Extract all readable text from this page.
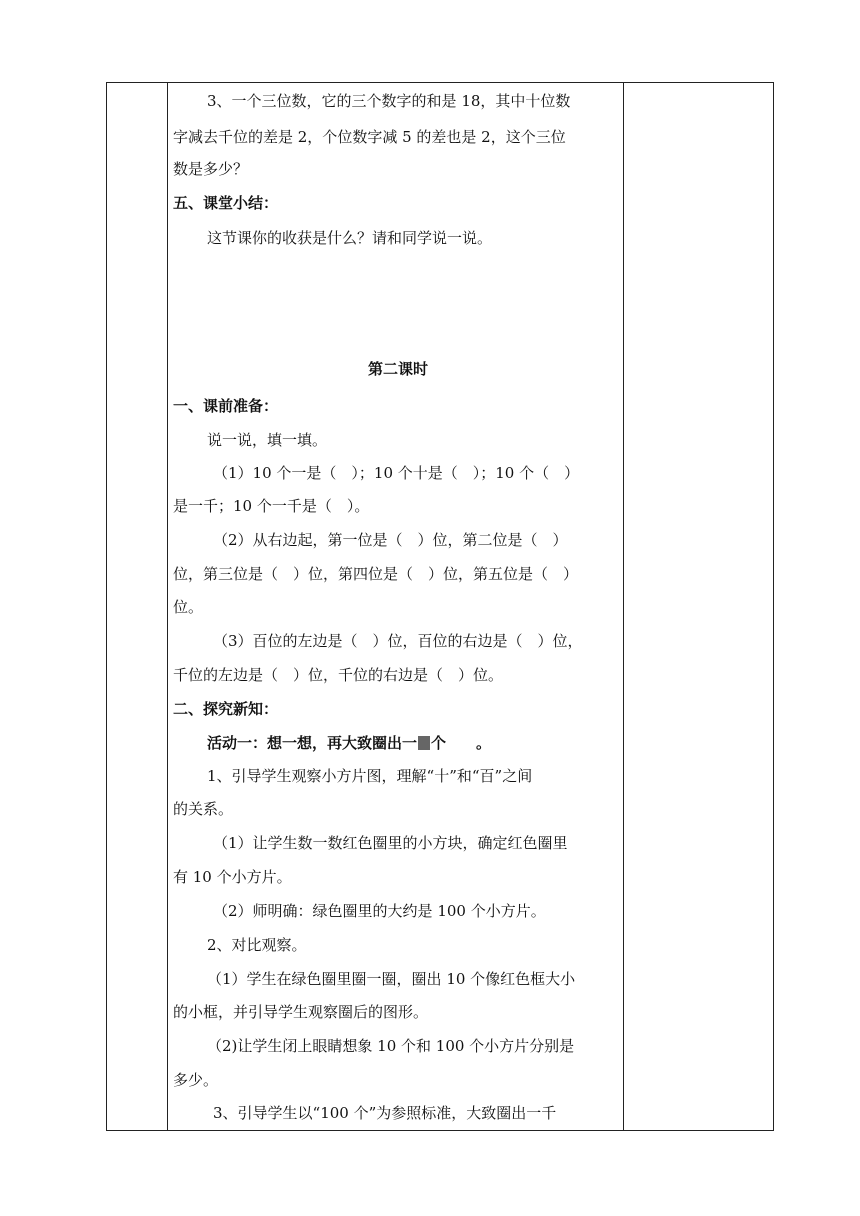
3、一个三位数，它的三个数字的和是 18，其中十位数
字减去千位的差是 2，个位数字减 5 的差也是 2，这个三位
数是多少？
五、课堂小结：
这节课你的收获是什么？请和同学说一说。
第二课时
一、课前准备：
说一说，填一填。
（1）10 个一是（　）；10 个十是（　）；10 个（　）
是一千；10 个一千是（　）。
（2）从右边起，第一位是（　）位，第二位是（　）
位，第三位是（　）位，第四位是（　）位，第五位是（　）
位。
（3）百位的左边是（　）位，百位的右边是（　）位，
千位的左边是（　）位，千位的右边是（　）位。
二、探究新知：
活动一：想一想，再大致圈出一 个　　。
1、引导学生观察小方片图，理解“十”和“百”之间
的关系。
（1）让学生数一数红色圈里的小方块，确定红色圈里
有 10 个小方片。
（2）师明确：绿色圈里的大约是 100 个小方片。
2、对比观察。
（1）学生在绿色圈里圈一圈，圈出 10 个像红色框大小
的小框，并引导学生观察圈后的图形。
（2)让学生闭上眼睛想象 10 个和 100 个小方片分别是
多少。
3、引导学生以“100 个”为参照标准，大致圈出一千
